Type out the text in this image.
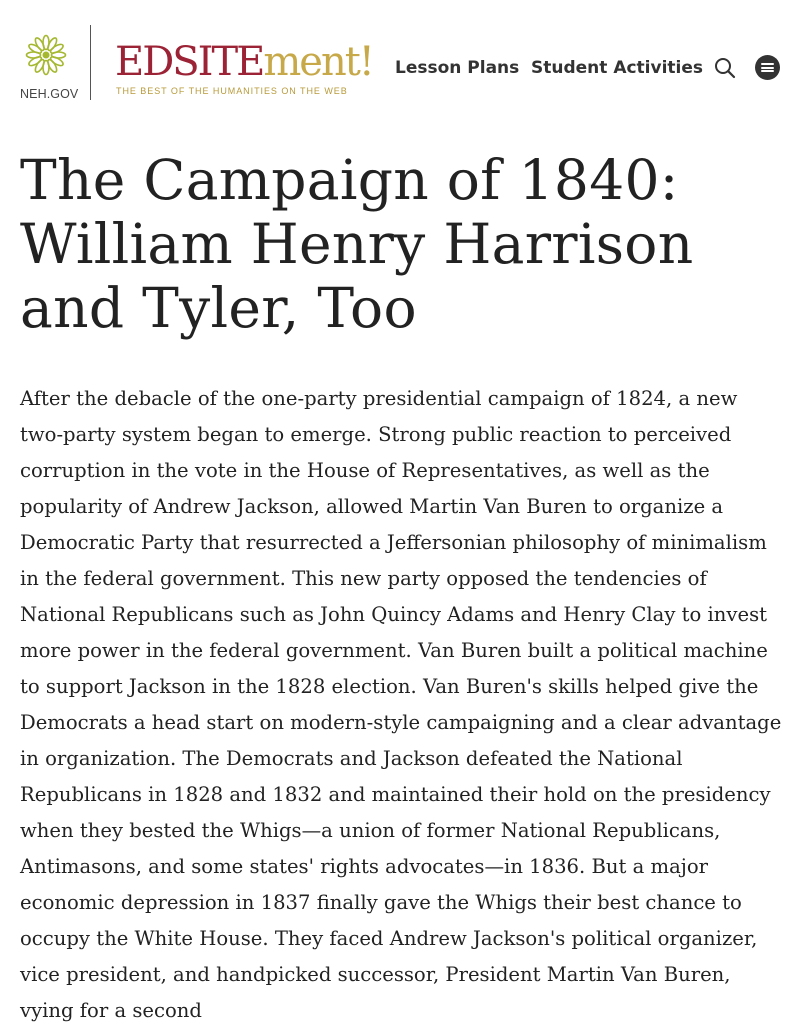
NEH.GOV
EDSITEment!
THE BEST OF THE HUMANITIES ON THE WEB
Lesson Plans Student Activities
The Campaign of 1840: William Henry Harrison and Tyler, Too

After the debacle of the one-party presidential campaign of 1824, a new two-party system began to emerge. Strong public reaction to perceived corruption in the vote in the House of Representatives, as well as the popularity of Andrew Jackson, allowed Martin Van Buren to organize a Democratic Party that resurrected a Jeffersonian philosophy of minimalism in the federal government. This new party opposed the tendencies of National Republicans such as John Quincy Adams and Henry Clay to invest more power in the federal government. Van Buren built a political machine to support Jackson in the 1828 election. Van Buren's skills helped give the Democrats a head start on modern-style campaigning and a clear advantage in organization. The Democrats and Jackson defeated the National Republicans in 1828 and 1832 and maintained their hold on the presidency when they bested the Whigs—a union of former National Republicans, Antimasons, and some states' rights advocates—in 1836. But a major economic depression in 1837 finally gave the Whigs their best chance to occupy the White House. They faced Andrew Jackson's political organizer, vice president, and handpicked successor, President Martin Van Buren, vying for a second
